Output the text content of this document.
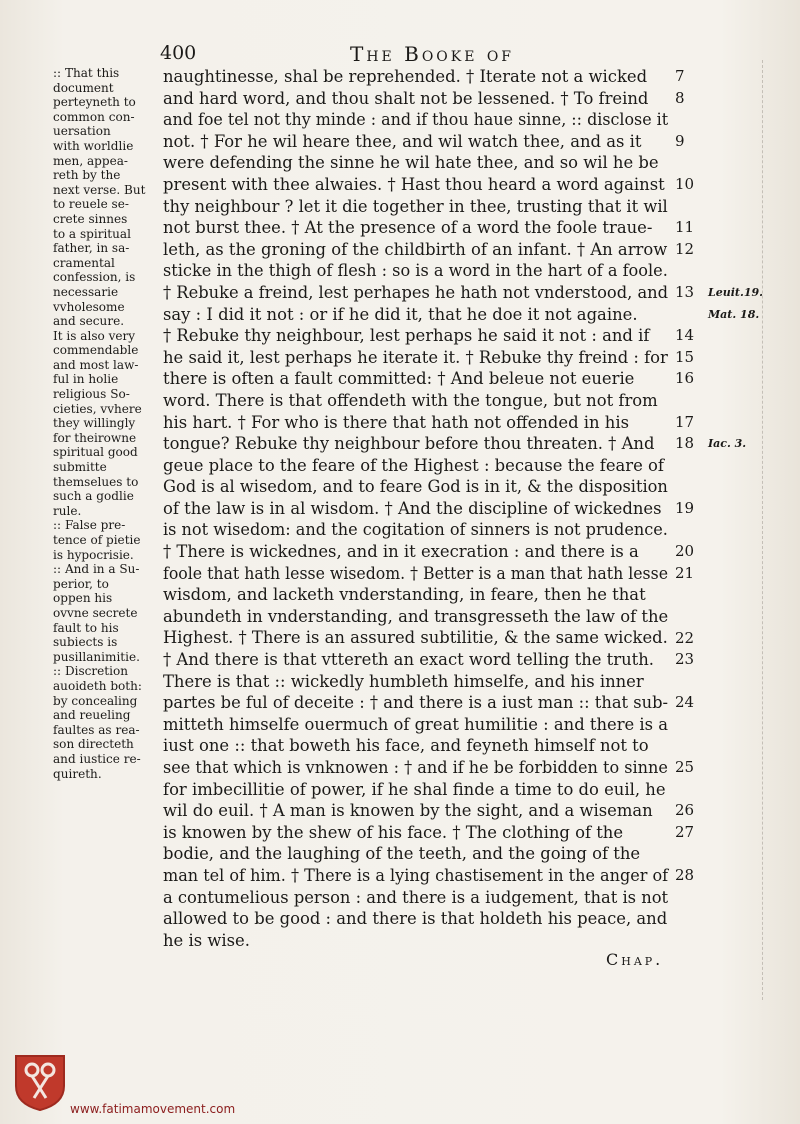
400	The Booke of
:: That this
document
perteyneth to
common con-
uersation
with worldlie
men, appea-
reth by the
next verse. But
to reuele se-
crete sinnes
to a spiritual
father, in sa-
cramental
confession, is
necessarie
vvholesome
and secure.
It is also very
commendable
and most law-
ful in holie
religious So-
cieties, vvhere
they willingly
for theirowne
spiritual good
submitte
themselues to
such a godlie
rule.
:: False pre-
tence of pietie
is hypocrisie.
:: And in a Su-
perior, to
oppen his
ovvne secrete
fault to his
subiects is
pusillanimitie.
:: Discretion
auoideth both:
by concealing
and reueling
faultes as rea-
son directeth
and iustice re-
quireth.
naughtinesse, shal be reprehended. † Iterate not a wicked
and hard word, and thou shalt not be lessened. † To freind
and foe tel not thy minde : and if thou haue sinne, :: disclose it
not. † For he wil heare thee, and wil watch thee, and as it
were defending the sinne he wil hate thee, and so wil he be
present with thee alwaies. † Hast thou heard a word against
thy neighbour ? let it die together in thee, trusting that it wil
not burst thee. † At the presence of a word the foole traue-
leth, as the groning of the childbirth of an infant. † An arrow
sticke in the thigh of flesh : so is a word in the hart of a foole.
† Rebuke a freind, lest perhapes he hath not vnderstood, and
say : I did it not : or if he did it, that he doe it not againe.
† Rebuke thy neighbour, lest perhaps he said it not : and if
he said it, lest perhaps he iterate it. † Rebuke thy freind : for
there is often a fault committed: † And beleue not euerie
word. There is that offendeth with the tongue, but not from
his hart. † For who is there that hath not offended in his
tongue? Rebuke thy neighbour before thou threaten. † And
geue place to the feare of the Highest : because the feare of
God is al wisedom, and to feare God is in it, & the disposition
of the law is in al wisdom. † And the discipline of wickednes
is not wisedom: and the cogitation of sinners is not prudence.
† There is wickednes, and in it execration : and there is a
foole that hath lesse wisedom. † Better is a man that hath lesse
wisdom, and lacketh vnderstanding, in feare, then he that
abundeth in vnderstanding, and transgresseth the law of the
Highest. † There is an assured subtilitie, & the same wicked.
† And there is that vttereth an exact word telling the truth.
There is that :: wickedly humbleth himselfe, and his inner
partes be ful of deceite : † and there is a iust man :: that sub-
mitteth himselfe ouermuch of great humilitie : and there is a
iust one :: that boweth his face, and feyneth himself not to
see that which is vnknowen : † and if he be forbidden to sinne
for imbecillitie of power, if he shal finde a time to do euil, he
wil do euil. † A man is knowen by the sight, and a wiseman
is knowen by the shew of his face. † The clothing of the
bodie, and the laughing of the teeth, and the going of the
man tel of him. † There is a lying chastisement in the anger of
a contumelious person : and there is a iudgement, that is not
allowed to be good : and there is that holdeth his peace, and
he is wise.
7
8
9
10
11
12
13
14
15
16
17
18
19
20
21
22
23
24
25
26
27
28
Leuit.19.
Mat. 18.
Iac. 3.
Chap.
www.fatimamovement.com
